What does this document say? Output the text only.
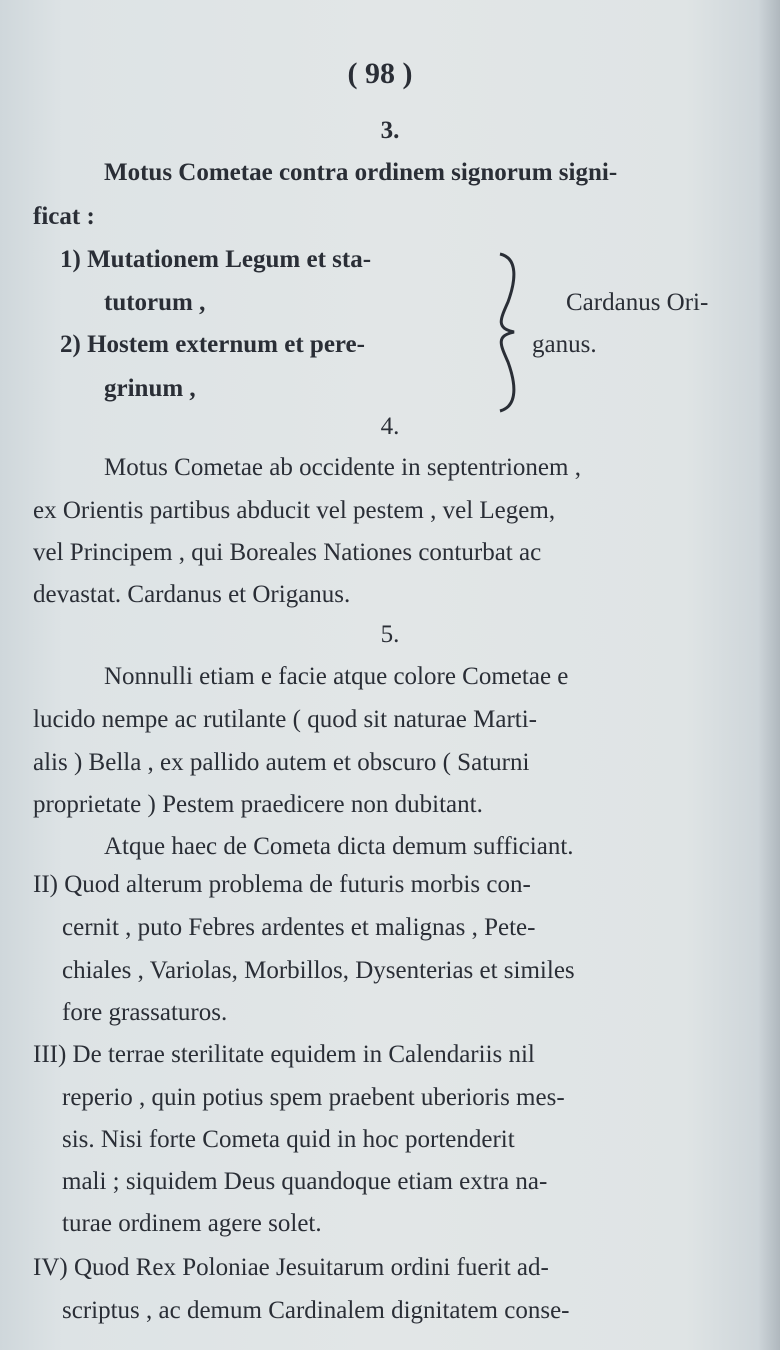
( 98 )
3.
Motus Cometae contra ordinem signorum signi-
ficat :
1) Mutationem Legum et sta-
tutorum ,
2) Hostem externum et pere-
grinum ,
Cardanus Ori-
ganus.
4.
Motus Cometae ab occidente in septentrionem ,
ex Orientis partibus abducit vel pestem , vel Legem,
vel Principem , qui Boreales Nationes conturbat ac
devastat. Cardanus et Origanus.
5.
Nonnulli etiam e facie atque colore Cometae e
lucido nempe ac rutilante ( quod sit naturae Marti-
alis ) Bella , ex pallido autem et obscuro ( Saturni
proprietate ) Pestem praedicere non dubitant.
Atque haec de Cometa dicta demum sufficiant.
II) Quod alterum problema de futuris morbis con-
cernit , puto Febres ardentes et malignas , Pete-
chiales , Variolas, Morbillos, Dysenterias et similes
fore grassaturos.
III) De terrae sterilitate equidem in Calendariis nil
reperio , quin potius spem praebent uberioris mes-
sis. Nisi forte Cometa quid in hoc portenderit
mali ; siquidem Deus quandoque etiam extra na-
turae ordinem agere solet.
IV) Quod Rex Poloniae Jesuitarum ordini fuerit ad-
scriptus , ac demum Cardinalem dignitatem conse-
